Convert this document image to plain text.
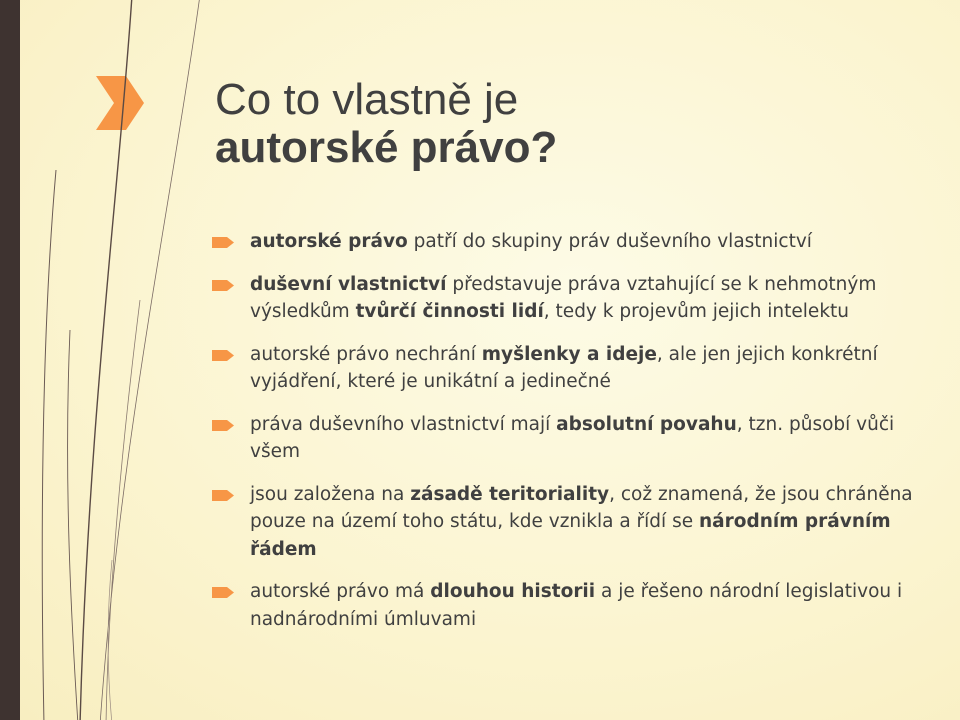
Co to vlastně je
autorské právo?
autorské právo patří do skupiny práv duševního vlastnictví
duševní vlastnictví představuje práva vztahující se k nehmotným výsledkům tvůrčí činnosti lidí, tedy k projevům jejich intelektu
autorské právo nechrání myšlenky a ideje, ale jen jejich konkrétní vyjádření, které je unikátní a jedinečné
práva duševního vlastnictví mají absolutní povahu, tzn. působí vůči všem
jsou založena na zásadě teritoriality, což znamená, že jsou chráněna pouze na území toho státu, kde vznikla a řídí se národním právním řádem
autorské právo má dlouhou historii a je řešeno národní legislativou i nadnárodními úmluvami
